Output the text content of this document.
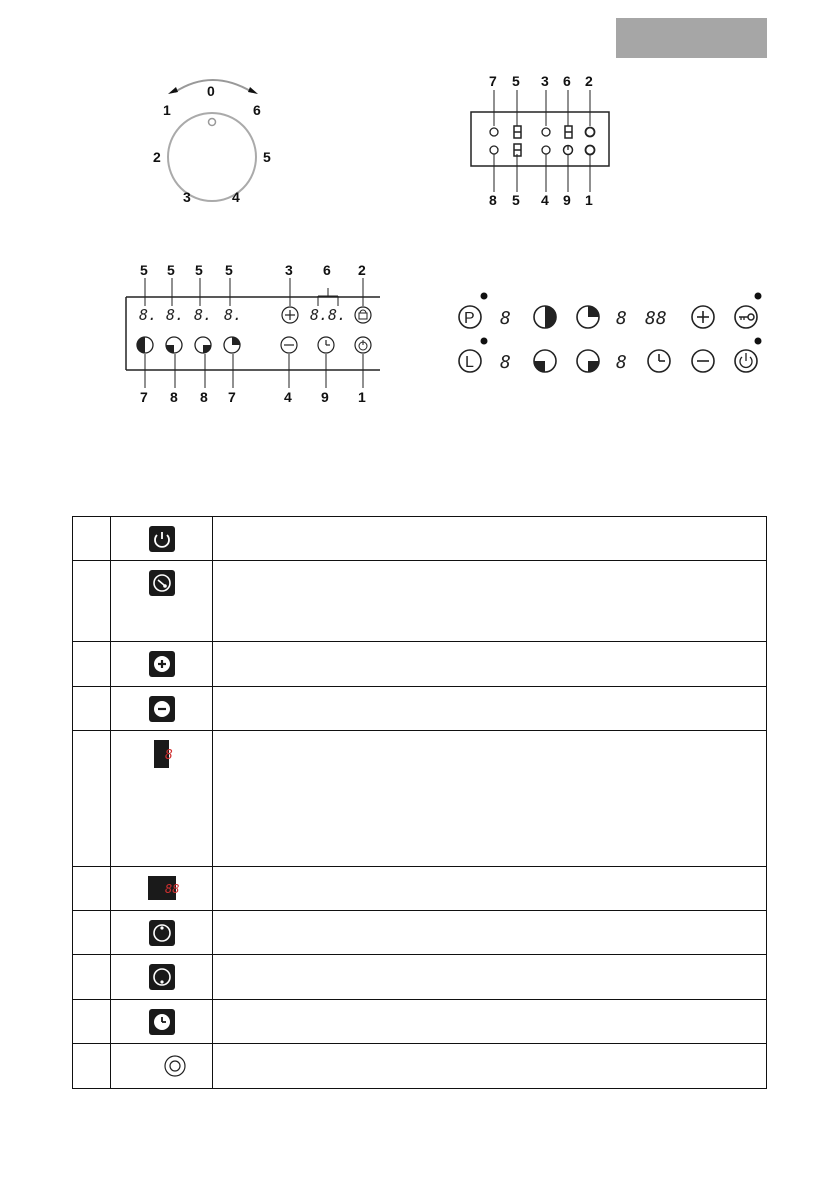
0
1	6
2	5
3	4
7 5 3 6 2
8 5 4 9 1
8. 8. 8. 8.	8.8.
5 5 5 5	3 6 2
7 8 8 7	4 9 1
P
L
8
8
8
8
88

8	

88	
